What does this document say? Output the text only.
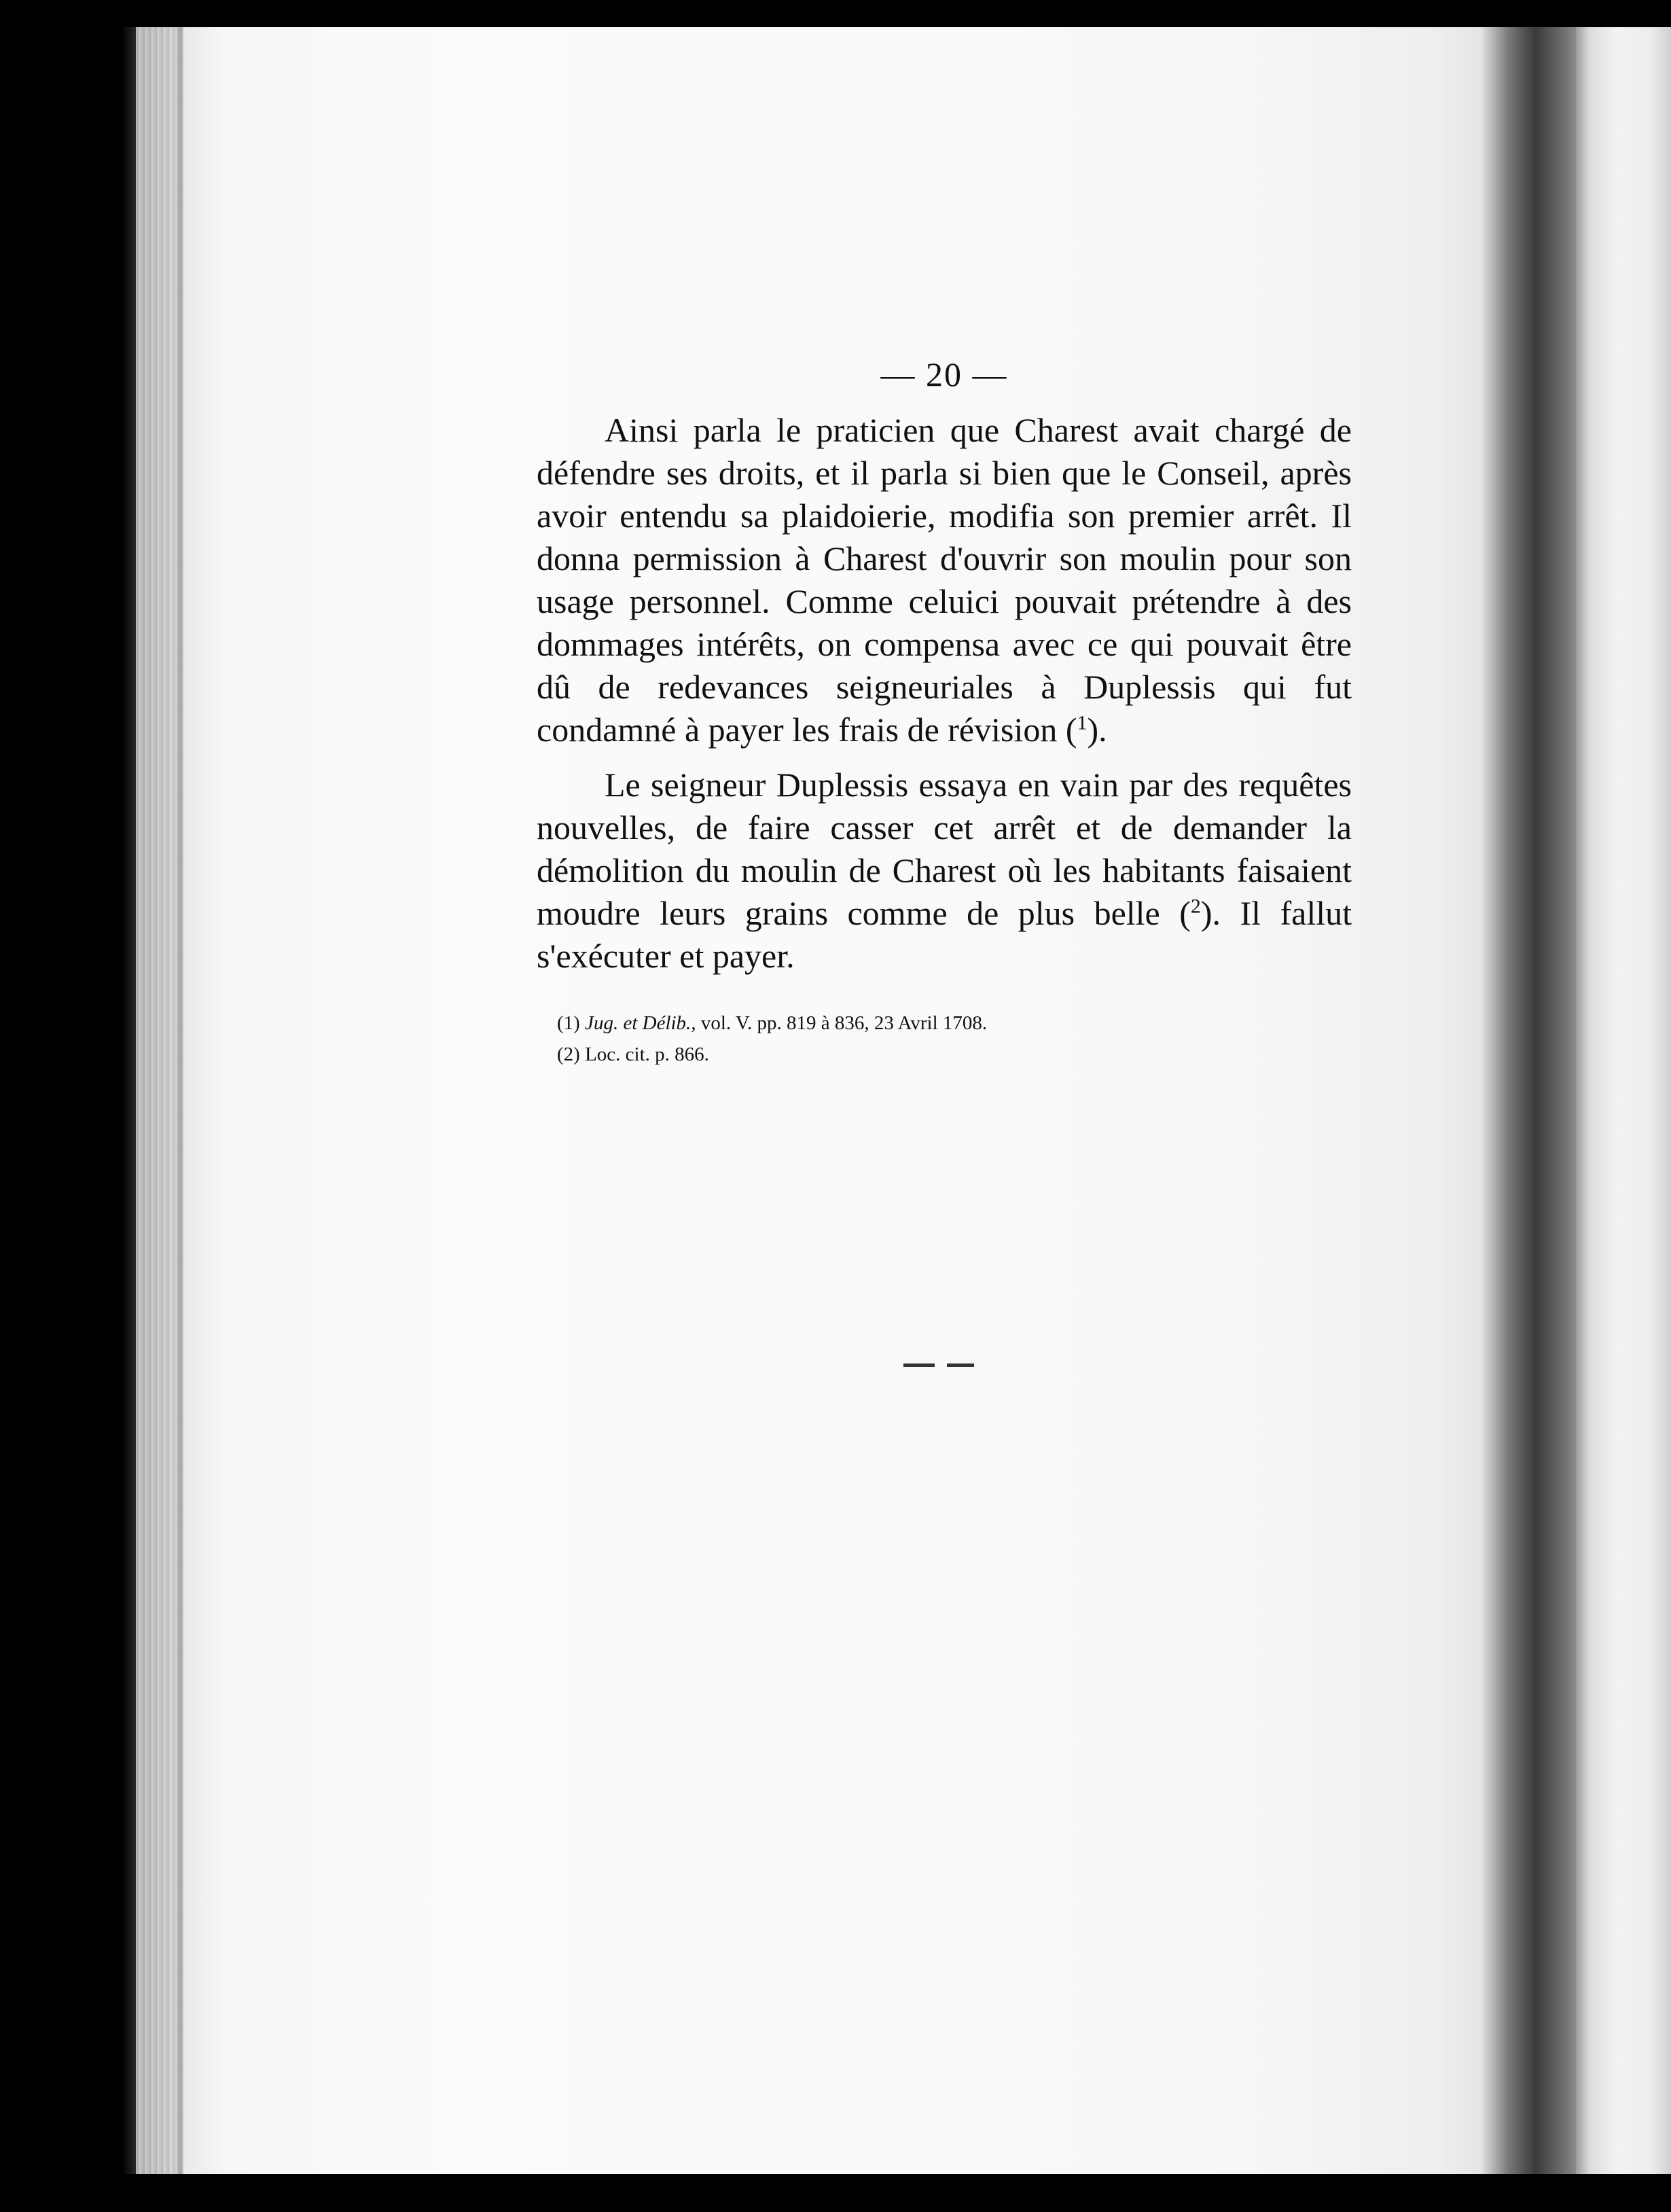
— 20 —

Ainsi parla le praticien que Charest avait chargé de défendre ses droits, et il parla si bien que le Conseil, après avoir entendu sa plaidoierie, modifia son premier arrêt. Il donna permission à Charest d'ouvrir son moulin pour son usage personnel. Comme celuici pouvait prétendre à des dommages intérêts, on compensa avec ce qui pouvait être dû de redevances seigneuriales à Duplessis qui fut condamné à payer les frais de révision ($^1$).

Le seigneur Duplessis essaya en vain par des requêtes nouvelles, de faire casser cet arrêt et de demander la démolition du moulin de Charest où les habitants faisaient moudre leurs grains comme de plus belle ($^2$). Il fallut s'exécuter et payer.

(1) Jug. et Délib., vol. V. pp. 819 à 836, 23 Avril 1708.

(2) Loc. cit. p. 866.
